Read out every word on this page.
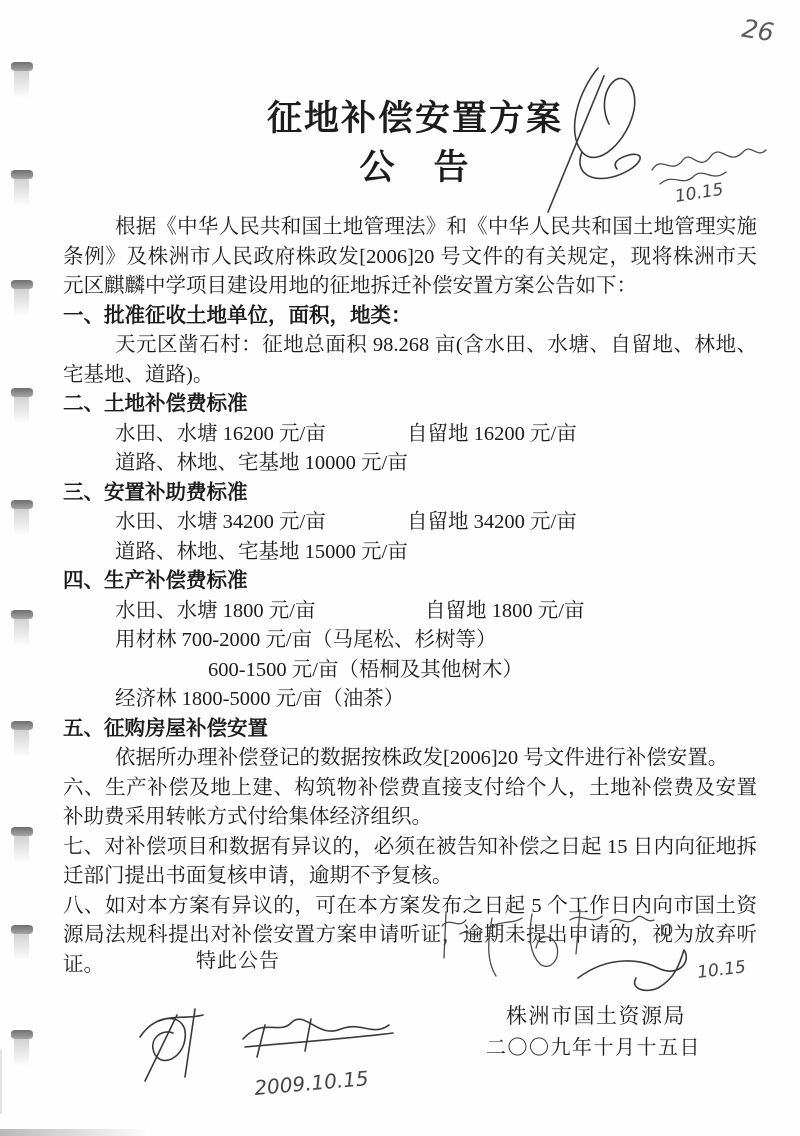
26
征地补偿安置方案
公　告

根据《中华人民共和国土地管理法》和《中华人民共和国土地管理实施条例》及株洲市人民政府株政发[2006]20 号文件的有关规定，现将株洲市天元区麒麟中学项目建设用地的征地拆迁补偿安置方案公告如下：

一、批准征收土地单位，面积，地类：

天元区凿石村：征地总面积 98.268 亩(含水田、水塘、自留地、林地、宅基地、道路)。

二、土地补偿费标准

水田、水塘 16200 元/亩	自留地 16200 元/亩

道路、林地、宅基地 10000 元/亩

三、安置补助费标准

水田、水塘 34200 元/亩	自留地 34200 元/亩

道路、林地、宅基地 15000 元/亩

四、生产补偿费标准

水田、水塘 1800 元/亩	自留地 1800 元/亩

用材林 700-2000 元/亩（马尾松、杉树等）

600-1500 元/亩（梧桐及其他树木）

经济林 1800-5000 元/亩（油茶）

五、征购房屋补偿安置

依据所办理补偿登记的数据按株政发[2006]20 号文件进行补偿安置。

六、生产补偿及地上建、构筑物补偿费直接支付给个人，土地补偿费及安置补助费采用转帐方式付给集体经济组织。

七、对补偿项目和数据有异议的，必须在被告知补偿之日起 15 日内向征地拆迁部门提出书面复核申请，逾期不予复核。

八、如对本方案有异议的，可在本方案发布之日起 5 个工作日内向市国土资源局法规科提出对补偿安置方案申请听证，逾期未提出申请的，视为放弃听证。	特此公告
株洲市国土资源局
二〇〇九年十月十五日
10.15
10.15
2009.10.15
